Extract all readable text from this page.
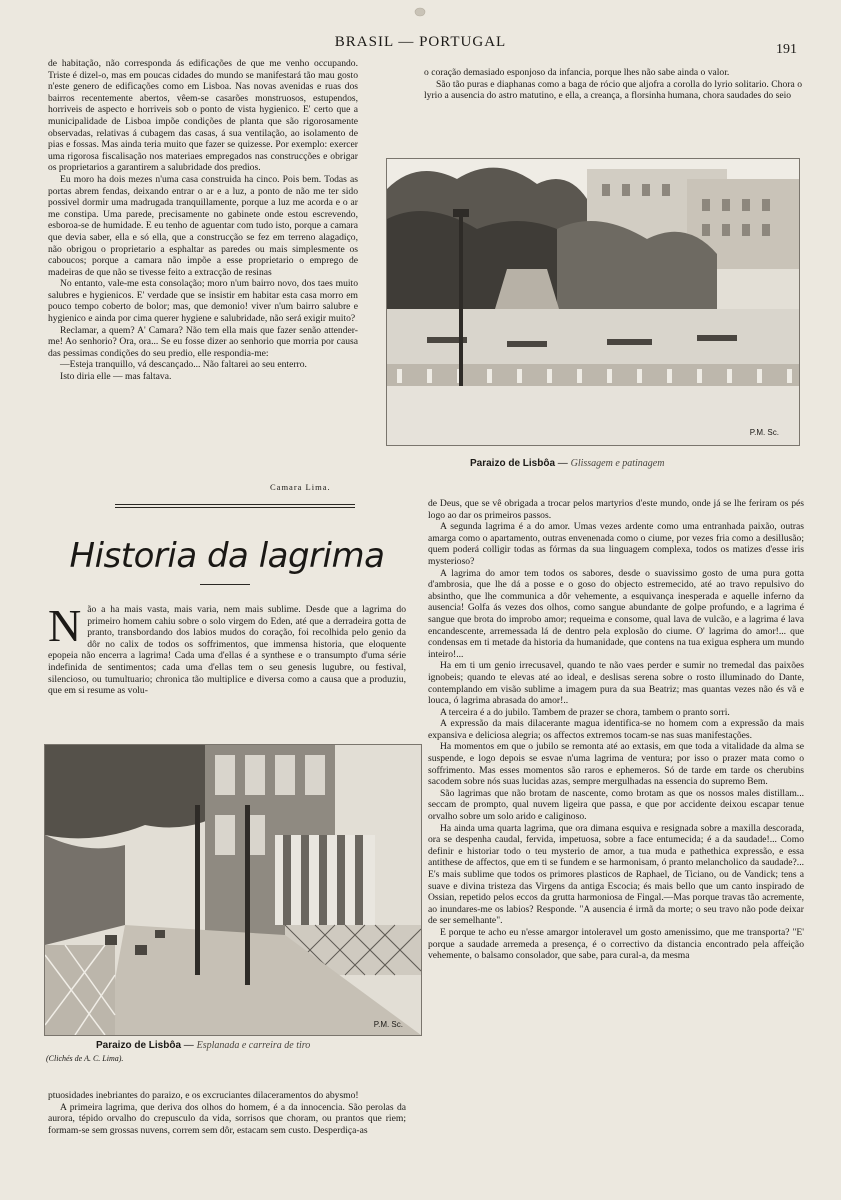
BRASIL — PORTUGAL	191

de habitação, não corresponda ás edificações de que me venho occupando. Triste é dizel-o, mas em poucas cidades do mundo se manifestará tão mau gosto n'este genero de edificações como em Lisboa. Nas novas avenidas e ruas dos bairros recentemente abertos, vêem-se casarões monstruosos, estupendos, horriveis de aspecto e horriveis sob o ponto de vista hygienico. E' certo que a municipalidade de Lisboa impõe condições de planta que são rigorosamente observadas, relativas á cubagem das casas, á sua ventilação, ao isolamento de pias e fossas. Mas ainda teria muito que fazer se quizesse. Por exemplo: exercer uma rigorosa fiscalisação nos materiaes empregados nas construcções e obrigar os proprietarios a garantirem a salubridade dos predios.

Eu moro ha dois mezes n'uma casa construida ha cinco. Pois bem. Todas as portas abrem fendas, deixando entrar o ar e a luz, a ponto de não me ter sido possivel dormir uma madrugada tranquillamente, porque a luz me acorda e o ar me constipa. Uma parede, precisamente no gabinete onde estou escrevendo, esboroa-se de humidade. E eu tenho de aguentar com tudo isto, porque a camara que devia saber, ella e só ella, que a construcção se fez em terreno alagadiço, não obrigou o proprietario a esphaltar as paredes ou mais simplesmente os caboucos; porque a camara não impõe a esse proprietario o emprego de madeiras de que não se tivesse feito a extracção de resinas

No entanto, vale-me esta consolação; moro n'um bairro novo, dos taes muito salubres e hygienicos. E' verdade que se insistir em habitar esta casa morro em pouco tempo coberto de bolor; mas, que demonio! viver n'um bairro salubre e hygienico e ainda por cima querer hygiene e salubridade, não será exigir muito?

Reclamar, a quem? A' Camara? Não tem ella mais que fazer senão attender-me! Ao senhorio? Ora, ora... Se eu fosse dizer ao senhorio que morria por causa das pessimas condições do seu predio, elle respondia-me:

—Esteja tranquillo, vá descançado... Não faltarei ao seu enterro.

Isto diria elle — mas faltava.

Camara Lima.

o coração demasiado esponjoso da infancia, porque lhes não sabe ainda o valor.

São tão puras e diaphanas como a baga de rócio que aljofra a corolla do lyrio solitario. Chora o lyrio a ausencia do astro matutino, e ella, a creança, a florsinha humana, chora saudades do seio

P.M. Sc.
Paraizo de Lisbôa — Glissagem e patinagem
Historia da lagrima
N ão a ha mais vasta, mais varia, nem mais sublime. Desde que a lagrima do primeiro homem cahiu sobre o solo virgem do Eden, até que a derradeira gotta de pranto, transbordando dos labios mudos do coração, foi recolhida pelo genio da dôr no calix de todos os soffrimentos, que immensa historia, que eloquente epopeia não encerra a lagrima! Cada uma d'ellas é a synthese e o transumpto d'uma série indefinida de sentimentos; cada uma d'ellas tem o seu genesis lugubre, ou festival, silencioso, ou tumultuario; chronica tão multiplice e diversa como a causa que a produziu, que em si resume as volu-
P.M. Sc.
Paraizo de Lisbôa — Esplanada e carreira de tiro
(Clichés de A. C. Lima).

ptuosidades inebriantes do paraizo, e os excruciantes dilaceramentos do abysmo!

A primeira lagrima, que deriva dos olhos do homem, é a da innocencia. São perolas da aurora, tépido orvalho do crepusculo da vida, sorrisos que choram, ou prantos que riem; formam-se sem grossas nuvens, correm sem dôr, estacam sem custo. Desperdiça-as

de Deus, que se vê obrigada a trocar pelos martyrios d'este mundo, onde já se lhe feriram os pés logo ao dar os primeiros passos.

A segunda lagrima é a do amor. Umas vezes ardente como uma entranhada paixão, outras amarga como o apartamento, outras envenenada como o ciume, por vezes fria como a desillusão; quem poderá colligir todas as fórmas da sua linguagem complexa, todos os matizes d'esse iris mysterioso?

A lagrima do amor tem todos os sabores, desde o suavissimo gosto de uma pura gotta d'ambrosia, que lhe dá a posse e o goso do objecto estremecido, até ao travo repulsivo do absintho, que lhe communica a dôr vehemente, a esquivança inesperada e aquelle inferno da ausencia! Golfa ás vezes dos olhos, como sangue abundante de golpe profundo, e a lagrima é sangue que brota do improbo amor; requeima e consome, qual lava de vulcão, e a lagrima é lava encandescente, arremessada lá de dentro pela explosão do ciume. O' lagrima do amor!... que condensas em ti metade da historia da humanidade, que contens na tua exigua esphera um mundo inteiro!...

Ha em ti um genio irrecusavel, quando te não vaes perder e sumir no tremedal das paixões ignobeis; quando te elevas até ao ideal, e deslisas serena sobre o rosto illuminado do Dante, contemplando em visão sublime a imagem pura da sua Beatriz; mas quantas vezes não és vã e louca, ó lagrima abrasada do amor!..

A terceira é a do jubilo. Tambem de prazer se chora, tambem o pranto sorri.

A expressão da mais dilacerante magua identifica-se no homem com a expressão da mais expansiva e deliciosa alegria; os affectos extremos tocam-se nas suas manifestações.

Ha momentos em que o jubilo se remonta até ao extasis, em que toda a vitalidade da alma se suspende, e logo depois se esvae n'uma lagrima de ventura; por isso o prazer mata como o soffrimento. Mas esses momentos são raros e ephemeros. Só de tarde em tarde os cherubins sacodem sobre nós suas lucidas azas, sempre mergulhadas na essencia do supremo Bem.

São lagrimas que não brotam de nascente, como brotam as que os nossos males distillam... seccam de prompto, qual nuvem ligeira que passa, e que por accidente deixou escapar tenue orvalho sobre um solo arido e caliginoso.

Ha ainda uma quarta lagrima, que ora dimana esquiva e resignada sobre a maxilla descorada, ora se despenha caudal, fervida, impetuosa, sobre a face entumecida; é a da saudade!... Como definir e historiar todo o teu mysterio de amor, a tua muda e pathethica expressão, e essa antithese de affectos, que em ti se fundem e se harmonisam, ó pranto melancholico da saudade?... E's mais sublime que todos os primores plasticos de Raphael, de Ticiano, ou de Vandick; tens a suave e divina tristeza das Virgens da antiga Escocia; és mais bello que um canto inspirado de Ossian, repetido pelos eccos da grutta harmoniosa de Fingal.—Mas porque travas tão acremente, ao inundares-me os labios? Responde. "A ausencia é irmã da morte; o seu travo não pode deixar de ser semelhante".

E porque te acho eu n'esse amargor intoleravel um gosto amenissimo, que me transporta? "E' porque a saudade arremeda a presença, é o correctivo da distancia encontrado pela affeição vehemente, o balsamo consolador, que sabe, para cural-a, da mesma
